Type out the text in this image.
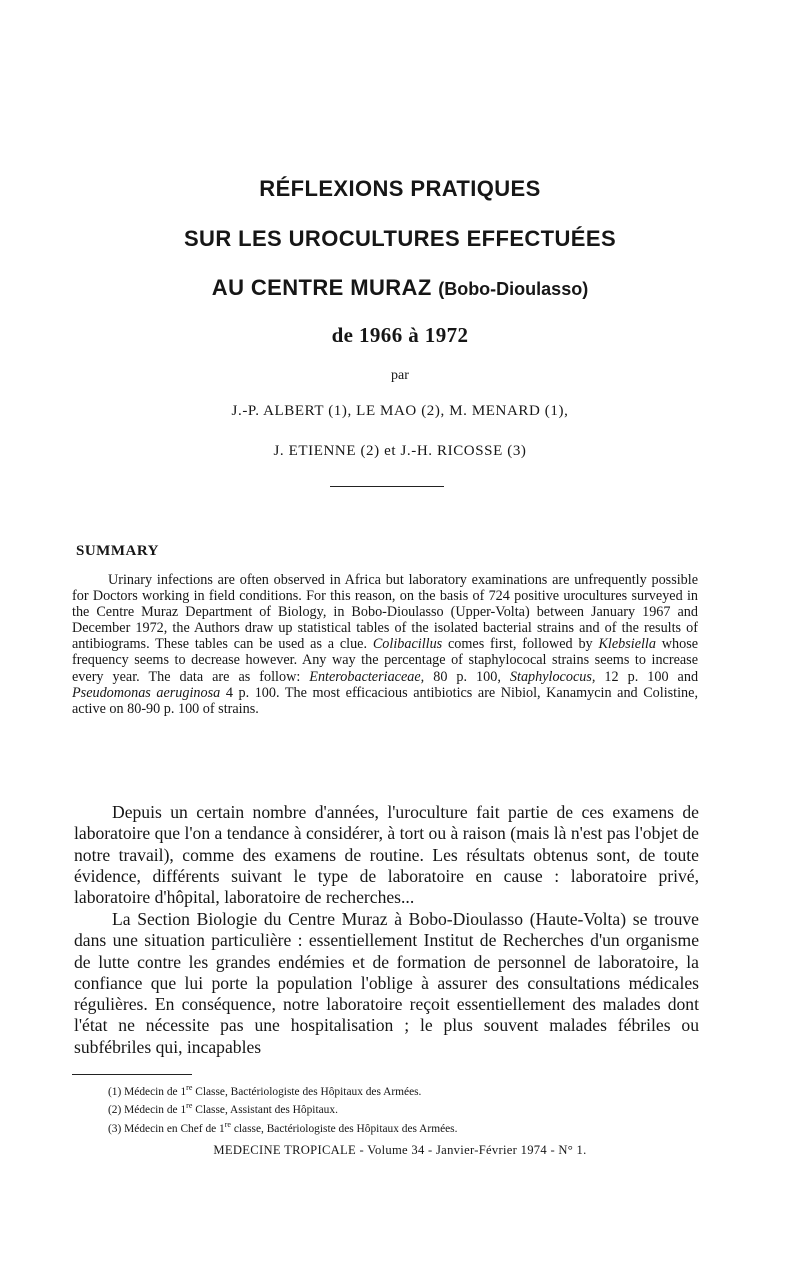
RÉFLEXIONS PRATIQUES
SUR LES UROCULTURES EFFECTUÉES
AU CENTRE MURAZ (Bobo-Dioulasso)
de 1966 à 1972

par

J.-P. ALBERT (1), LE MAO (2), M. MENARD (1),

J. ETIENNE (2) et J.-H. RICOSSE (3)

SUMMARY

Urinary infections are often observed in Africa but laboratory examinations are unfrequently possible for Doctors working in field conditions. For this reason, on the basis of 724 positive urocultures surveyed in the Centre Muraz Department of Biology, in Bobo-Dioulasso (Upper-Volta) between January 1967 and December 1972, the Authors draw up statistical tables of the isolated bacterial strains and of the results of antibiograms. These tables can be used as a clue. Colibacillus comes first, followed by Klebsiella whose frequency seems to decrease however. Any way the percentage of staphylococal strains seems to increase every year. The data are as follow: Enterobacteriaceae, 80 p. 100, Staphylococus, 12 p. 100 and Pseudomonas aeruginosa 4 p. 100. The most efficacious antibiotics are Nibiol, Kanamycin and Colistine, active on 80-90 p. 100 of strains.

Depuis un certain nombre d'années, l'uroculture fait partie de ces examens de laboratoire que l'on a tendance à considérer, à tort ou à raison (mais là n'est pas l'objet de notre travail), comme des examens de routine. Les résultats obtenus sont, de toute évidence, différents suivant le type de laboratoire en cause : laboratoire privé, laboratoire d'hôpital, laboratoire de recherches...

La Section Biologie du Centre Muraz à Bobo-Dioulasso (Haute-Volta) se trouve dans une situation particulière : essentiellement Institut de Recherches d'un organisme de lutte contre les grandes endémies et de formation de personnel de laboratoire, la confiance que lui porte la population l'oblige à assurer des consultations médicales régulières. En conséquence, notre laboratoire reçoit essentiellement des malades dont l'état ne nécessite pas une hospitalisation ; le plus souvent malades fébriles ou subfébriles qui, incapables

(1) Médecin de 1re Classe, Bactériologiste des Hôpitaux des Armées.
(2) Médecin de 1re Classe, Assistant des Hôpitaux.
(3) Médecin en Chef de 1re classe, Bactériologiste des Hôpitaux des Armées.

MEDECINE TROPICALE - Volume 34 - Janvier-Février 1974 - N° 1.
